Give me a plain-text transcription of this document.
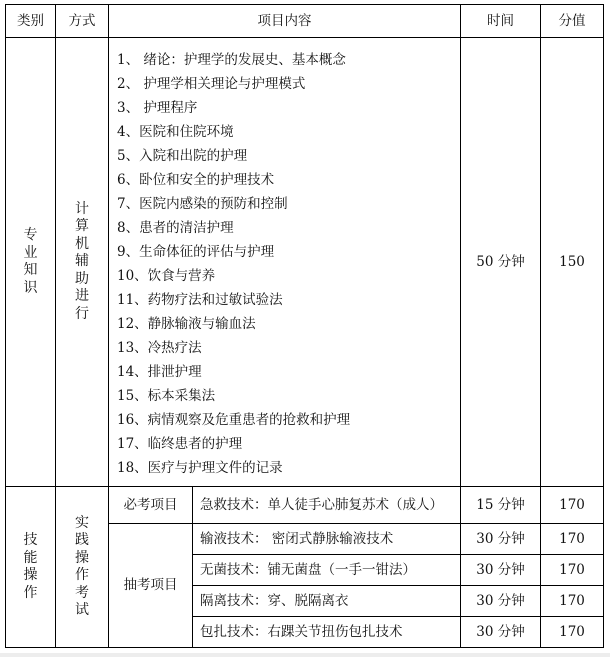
类别	方式	项目内容		时间	分值
专业知识	计算机辅助进行	
1、 绪论：护理学的发展史、基本概念
2、 护理学相关理论与护理模式
3、 护理程序
4、医院和住院环境
5、入院和出院的护理
6、卧位和安全的护理技术
7、医院内感染的预防和控制
8、患者的清洁护理
9、生命体征的评估与护理
10、饮食与营养
11、药物疗法和过敏试验法
12、静脉输液与输血法
13、冷热疗法
14、排泄护理
15、标本采集法
16、病情观察及危重患者的抢救和护理
17、临终患者的护理
18、医疗与护理文件的记录
	50 分钟	150
技能操作	实践操作考试	必考项目	急救技术：单人徒手心肺复苏术（成人）	15 分钟	170
		抽考项目	输液技术： 密闭式静脉输液技术	30 分钟	170
			无菌技术：铺无菌盘（一手一钳法）	30 分钟	170
			隔离技术：穿、脱隔离衣	30 分钟	170
			包扎技术：右踝关节扭伤包扎技术	30 分钟	170
